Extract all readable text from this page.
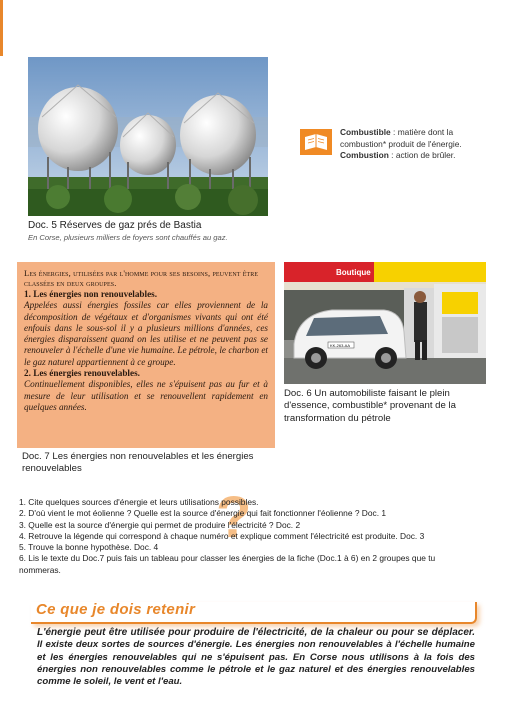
Doc. 5 Réserves de gaz prés de Bastia
En Corse, plusieurs milliers de foyers sont chauffés au gaz.
Combustible : matière dont la combustion* produit de l'énergie.
Combustion : action de brûler.
Les énergies, utilisées par l'homme pour ses besoins, peuvent être classées en deux groupes.
1. Les énergies non renouvelables.
Appelées aussi énergies fossiles car elles proviennent de la décomposition de végétaux et d'organismes vivants qui ont été enfouis dans le sous-sol il y a plusieurs millions d'années, ces énergies disparaissent quand on les utilise et ne peuvent pas se renouveler à l'échelle d'une vie humaine. Le pétrole, le charbon et le gaz naturel appartiennent à ce groupe.
2. Les énergies renouvelables.
Continuellement disponibles, elles ne s'épuisent pas au fur et à mesure de leur utilisation et se renouvellent rapidement en quelques années.
Doc. 7 Les énergies non renouvelables et les énergies renouvelables
Boutique
KK-263-AA
Doc. 6 Un automobiliste faisant le plein d'essence, combustible* provenant de la transformation du pétrole
?
1. Cite quelques sources d'énergie et leurs utilisations possibles.
2. D'où vient le mot éolienne ? Quelle est la source d'énergie qui fait fonctionner l'éolienne ? Doc. 1
3. Quelle est la source d'énergie qui permet de produire l'électricité ? Doc. 2
4. Retrouve la légende qui correspond à chaque numéro et explique comment l'électricité est produite. Doc. 3
5. Trouve la bonne hypothèse. Doc. 4
6. Lis le texte du Doc.7 puis fais un tableau pour classer les énergies de la fiche (Doc.1 à 6) en 2 groupes que tu
nommeras.
Ce que je dois retenir
L'énergie peut être utilisée pour produire de l'électricité, de la chaleur ou pour se déplacer. Il existe deux sortes de sources d'énergie. Les énergies non renouvelables à l'échelle humaine et les énergies renouvelables qui ne s'épuisent pas. En Corse nous utilisons à la fois des énergies non renouvelables comme le pétrole et le gaz naturel et des énergies renouvelables comme le soleil, le vent et l'eau.
